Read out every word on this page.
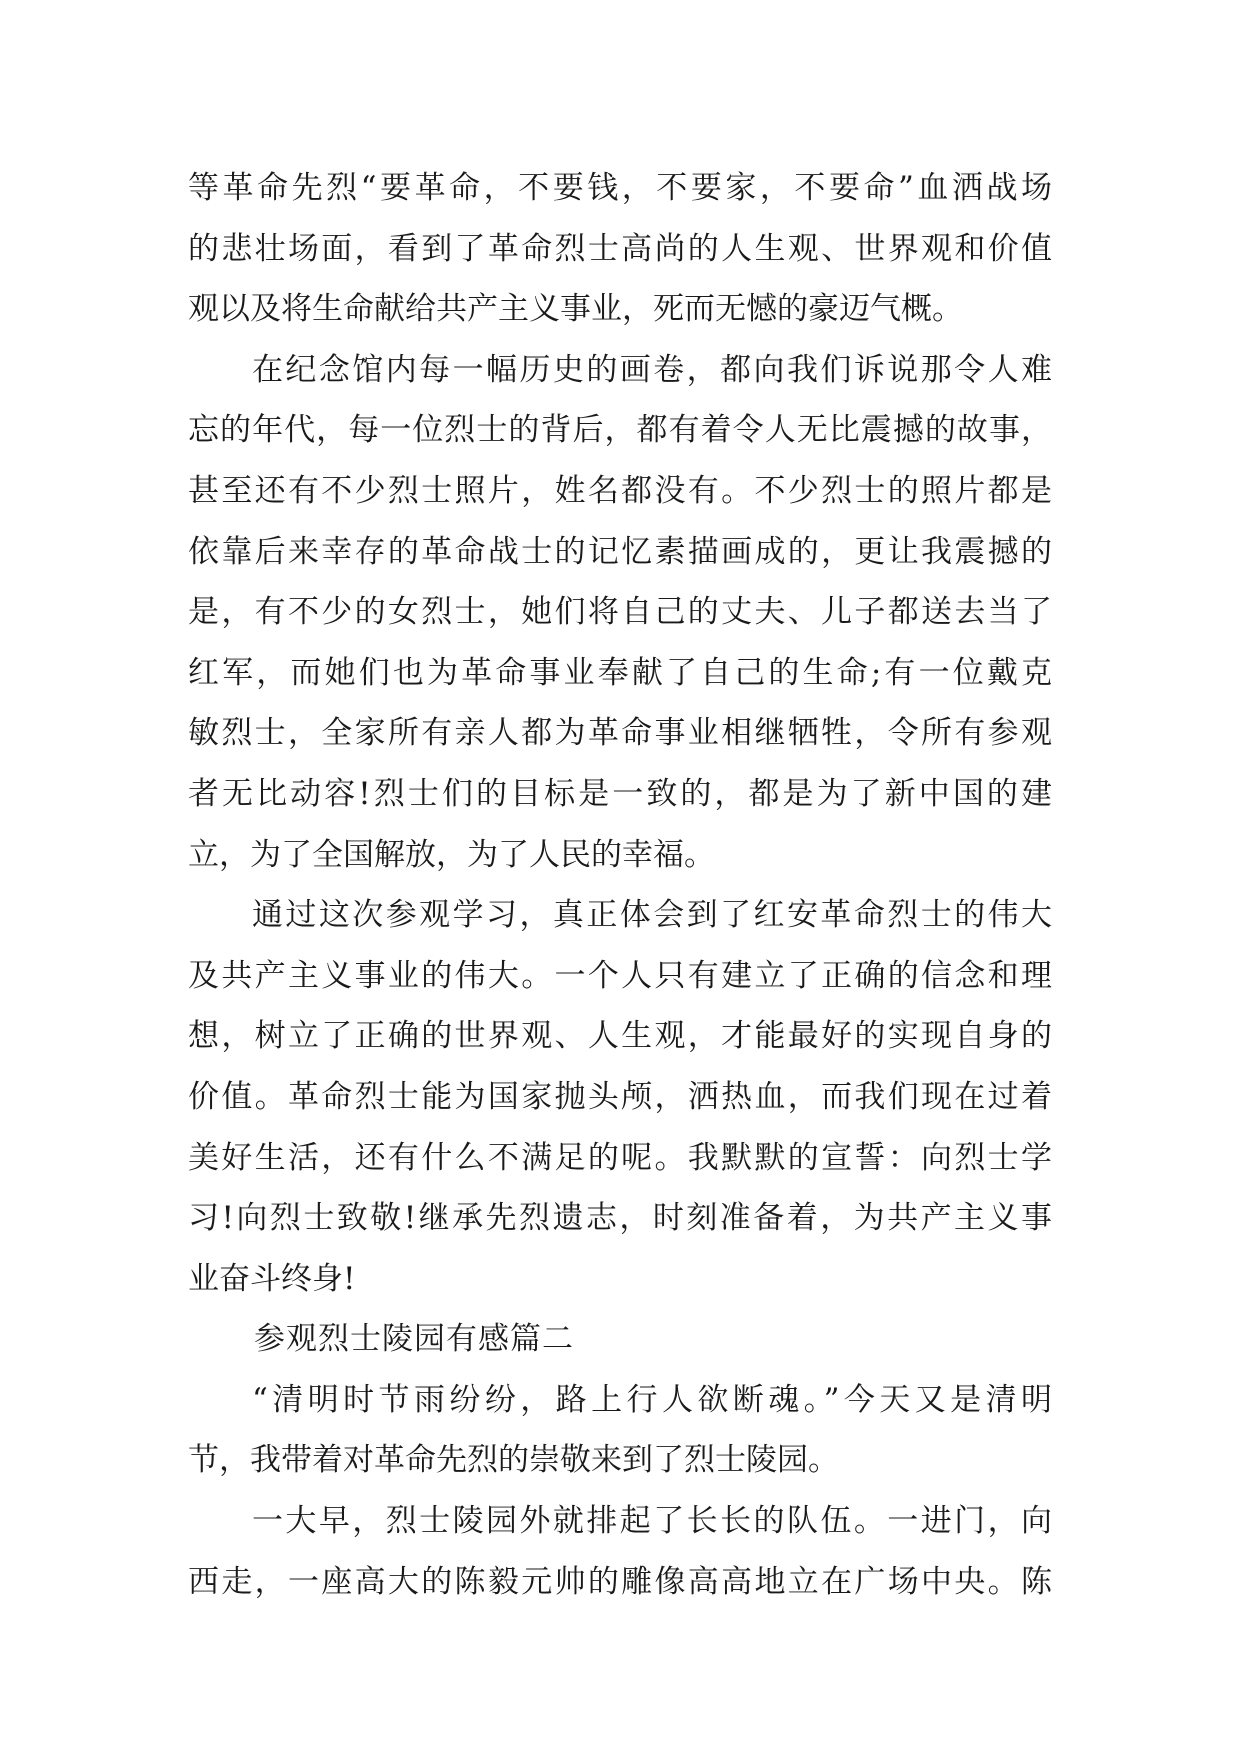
等革命先烈“要革命，不要钱，不要家，不要命”血洒战场
的悲壮场面，看到了革命烈士高尚的人生观、世界观和价值
观以及将生命献给共产主义事业，死而无憾的豪迈气概。
在纪念馆内每一幅历史的画卷，都向我们诉说那令人难
忘的年代，每一位烈士的背后，都有着令人无比震撼的故事，
甚至还有不少烈士照片，姓名都没有。不少烈士的照片都是
依靠后来幸存的革命战士的记忆素描画成的，更让我震撼的
是，有不少的女烈士，她们将自己的丈夫、儿子都送去当了
红军，而她们也为革命事业奉献了自己的生命;有一位戴克
敏烈士，全家所有亲人都为革命事业相继牺牲，令所有参观
者无比动容!烈士们的目标是一致的，都是为了新中国的建
立，为了全国解放，为了人民的幸福。
通过这次参观学习，真正体会到了红安革命烈士的伟大
及共产主义事业的伟大。一个人只有建立了正确的信念和理
想，树立了正确的世界观、人生观，才能最好的实现自身的
价值。革命烈士能为国家抛头颅，洒热血，而我们现在过着
美好生活，还有什么不满足的呢。我默默的宣誓：向烈士学
习!向烈士致敬!继承先烈遗志，时刻准备着，为共产主义事
业奋斗终身!
参观烈士陵园有感篇二
“清明时节雨纷纷，路上行人欲断魂。”今天又是清明
节，我带着对革命先烈的崇敬来到了烈士陵园。
一大早，烈士陵园外就排起了长长的队伍。一进门，向
西走，一座高大的陈毅元帅的雕像高高地立在广场中央。陈
